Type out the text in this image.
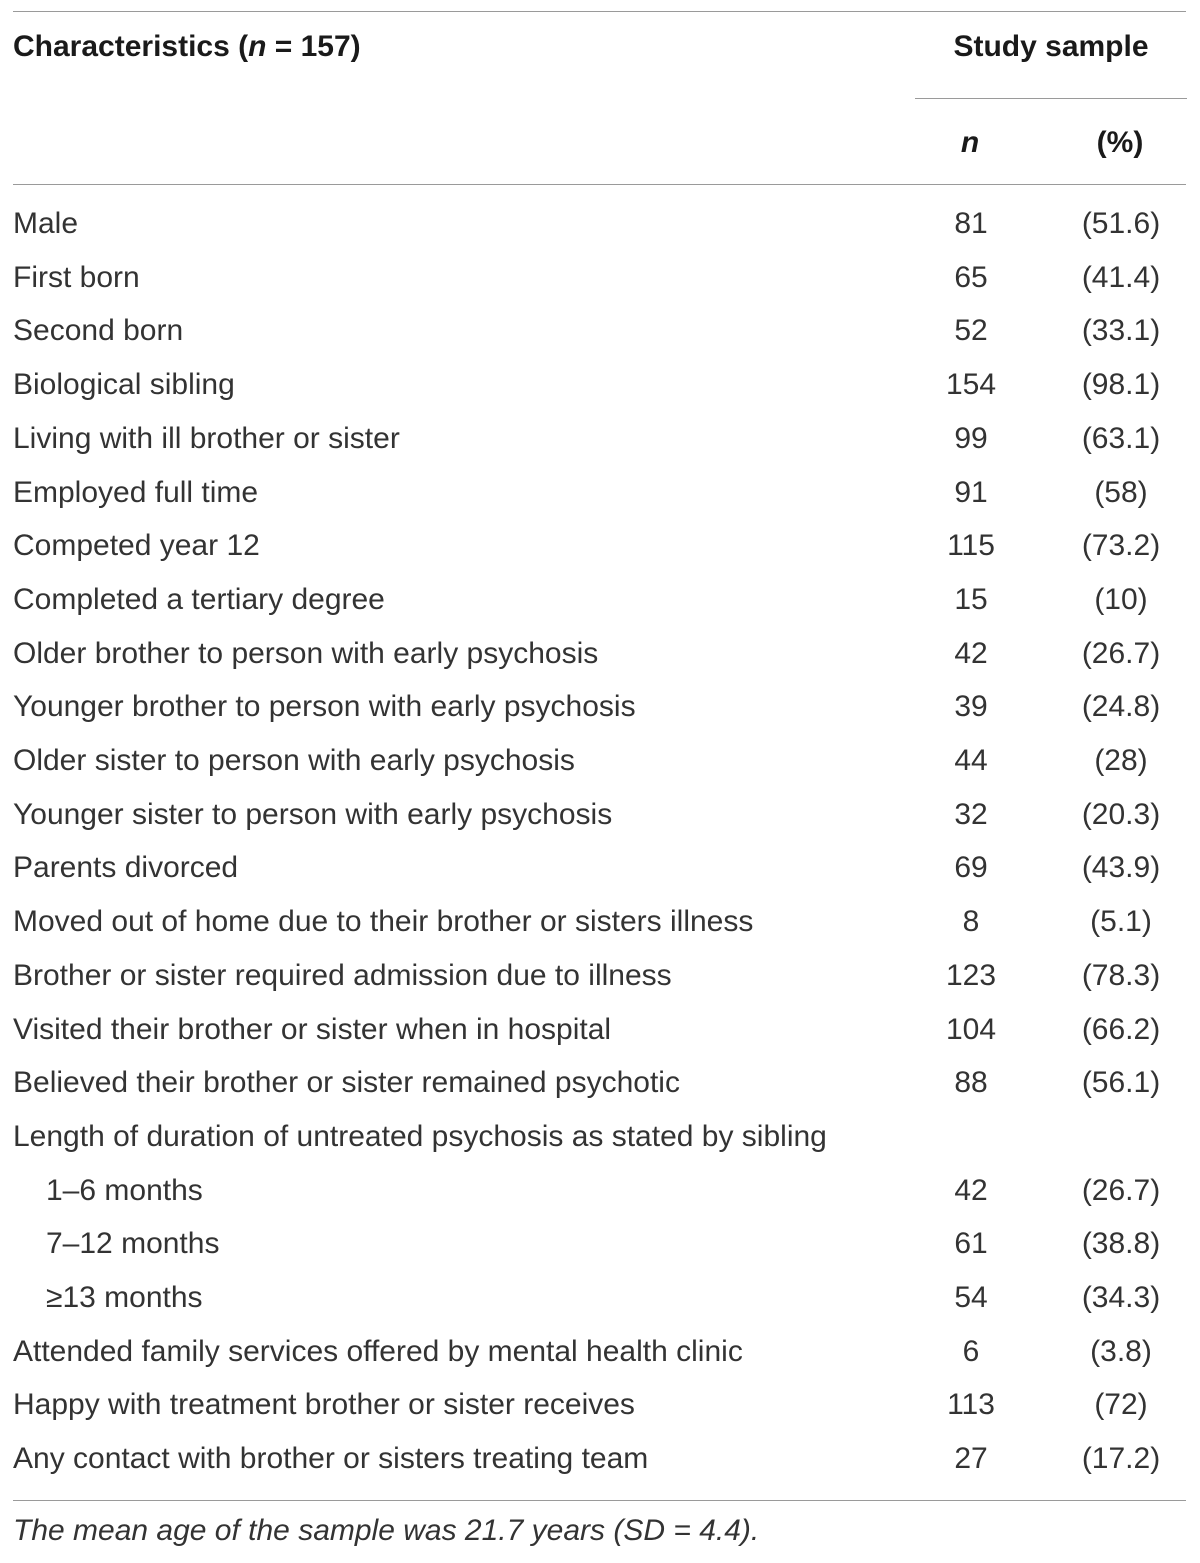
Characteristics (n = 157)	Study sample
n	(%)
Male	81	(51.6)
First born	65	(41.4)
Second born	52	(33.1)
Biological sibling	154	(98.1)
Living with ill brother or sister	99	(63.1)
Employed full time	91	(58)
Competed year 12	115	(73.2)
Completed a tertiary degree	15	(10)
Older brother to person with early psychosis	42	(26.7)
Younger brother to person with early psychosis	39	(24.8)
Older sister to person with early psychosis	44	(28)
Younger sister to person with early psychosis	32	(20.3)
Parents divorced	69	(43.9)
Moved out of home due to their brother or sisters illness	8	(5.1)
Brother or sister required admission due to illness	123	(78.3)
Visited their brother or sister when in hospital	104	(66.2)
Believed their brother or sister remained psychotic	88	(56.1)
Length of duration of untreated psychosis as stated by sibling
1–6 months	42	(26.7)
7–12 months	61	(38.8)
≥13 months	54	(34.3)
Attended family services offered by mental health clinic	6	(3.8)
Happy with treatment brother or sister receives	113	(72)
Any contact with brother or sisters treating team	27	(17.2)
The mean age of the sample was 21.7 years (SD = 4.4).
